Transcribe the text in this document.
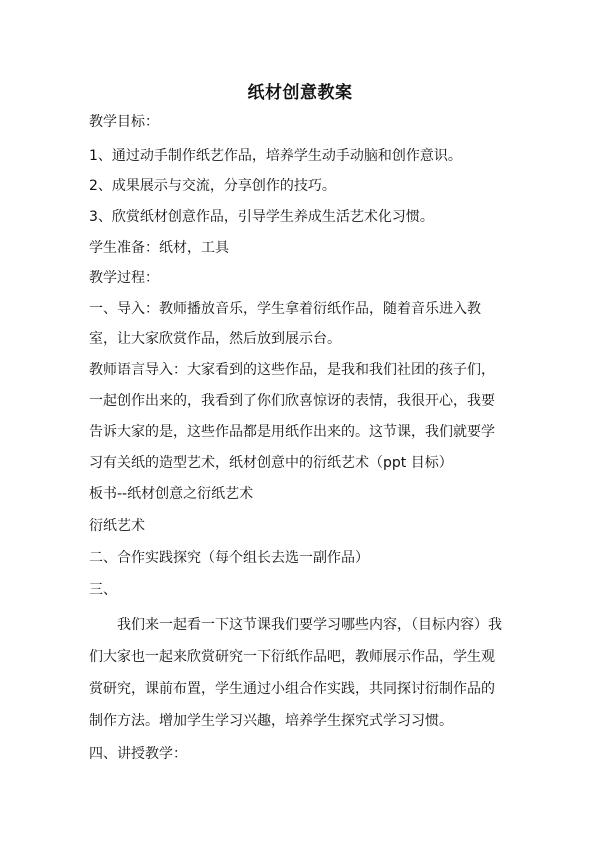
纸材创意教案
教学目标：
1、通过动手制作纸艺作品，培养学生动手动脑和创作意识。
2、成果展示与交流，分享创作的技巧。
3、欣赏纸材创意作品，引导学生养成生活艺术化习惯。
学生准备：纸材，工具
教学过程：
一、导入：教师播放音乐，学生拿着衍纸作品，随着音乐进入教
室，让大家欣赏作品，然后放到展示台。
教师语言导入：大家看到的这些作品，是我和我们社团的孩子们，
一起创作出来的，我看到了你们欣喜惊讶的表情，我很开心，我要
告诉大家的是，这些作品都是用纸作出来的。这节课，我们就要学
习有关纸的造型艺术，纸材创意中的衍纸艺术（ppt 目标）
板书--纸材创意之衍纸艺术
衍纸艺术
二、合作实践探究（每个组长去选一副作品）
三、
我们来一起看一下这节课我们要学习哪些内容，（目标内容）我
们大家也一起来欣赏研究一下衍纸作品吧，教师展示作品，学生观
赏研究，课前布置，学生通过小组合作实践，共同探讨衍制作品的
制作方法。增加学生学习兴趣，培养学生探究式学习习惯。
四、讲授教学：
